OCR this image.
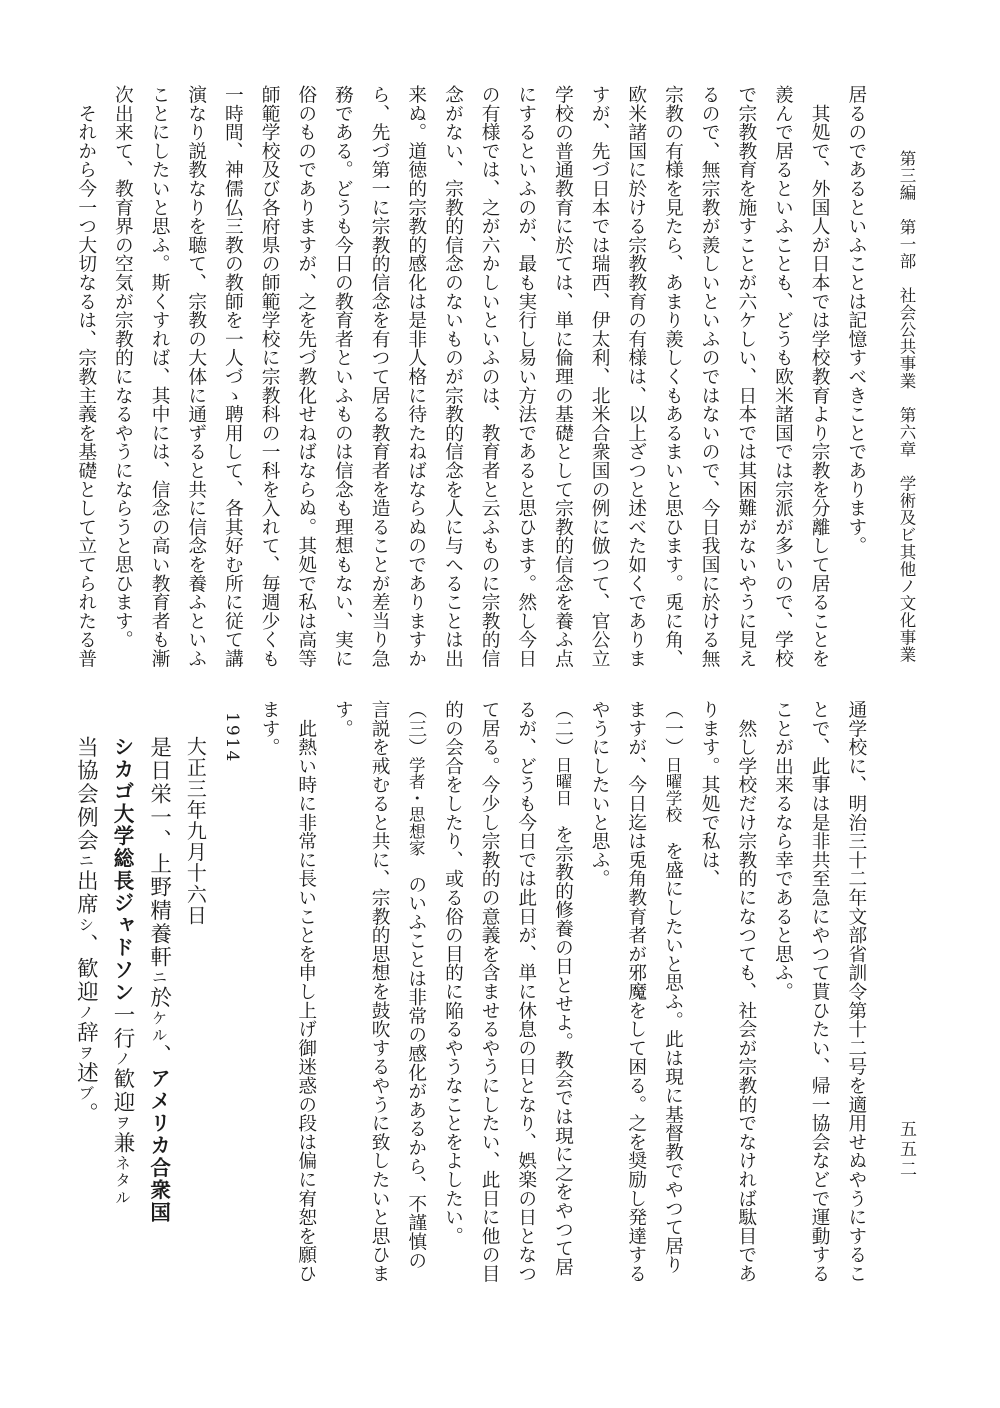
第三編　第一部　社会公共事業　第六章　学術及ビ其他ノ文化事業
五五二
居るのであるといふことは記憶すべきことであります。
　其処で、外国人が日本では学校教育より宗教を分離して居ることを
羨んで居るといふことも、どうも欧米諸国では宗派が多いので、学校
で宗教教育を施すことが六ケしい、日本では其困難がないやうに見え
るので、無宗教が羨しいといふのではないので、今日我国に於ける無
宗教の有様を見たら、あまり羨しくもあるまいと思ひます。兎に角、
欧米諸国に於ける宗教教育の有様は、以上ざつと述べた如くでありま
すが、先づ日本では瑞西、伊太利、北米合衆国の例に倣つて、官公立
学校の普通教育に於ては、単に倫理の基礎として宗教的信念を養ふ点
にするといふのが、最も実行し易い方法であると思ひます。然し今日
の有様では、之が六かしいといふのは、教育者と云ふものに宗教的信
念がない、宗教的信念のないものが宗教的信念を人に与へることは出
来ぬ。道徳的宗教的感化は是非人格に待たねばならぬのでありますか
ら、先づ第一に宗教的信念を有つて居る教育者を造ることが差当り急
務である。どうも今日の教育者といふものは信念も理想もない、実に
俗のものでありますが、之を先づ教化せねばならぬ。其処で私は高等
師範学校及び各府県の師範学校に宗教科の一科を入れて、毎週少くも
一時間、神儒仏三教の教師を一人づゝ聘用して、各其好む所に従て講
演なり説教なりを聴て、宗教の大体に通ずると共に信念を養ふといふ
ことにしたいと思ふ。斯くすれば、其中には、信念の高い教育者も漸
次出来て、教育界の空気が宗教的になるやうにならうと思ひます。
　それから今一つ大切なるは、宗教主義を基礎として立てられたる普
通学校に、明治三十二年文部省訓令第十二号を適用せぬやうにするこ
とで、此事は是非共至急にやつて貰ひたい、帰一協会などで運動する
ことが出来るなら幸であると思ふ。
　然し学校だけ宗教的になつても、社会が宗教的でなければ駄目であ
ります。其処で私は、
（一）日曜学校　を盛にしたいと思ふ。此は現に基督教でやつて居り
ますが、今日迄は兎角教育者が邪魔をして困る。之を奨励し発達する
やうにしたいと思ふ。
（二）日曜日　を宗教的修養の日とせよ。教会では現に之をやつて居
るが、どうも今日では此日が、単に休息の日となり、娯楽の日となつ
て居る。今少し宗教的の意義を含ませるやうにしたい、此日に他の目
的の会合をしたり、或る俗の目的に陥るやうなことをよしたい。
（三）学者・思想家　のいふことは非常の感化があるから、不謹慎の
言説を戒むると共に、宗教的思想を鼓吹するやうに致したいと思ひま
す。
　此熱い時に非常に長いことを申し上げ御迷惑の段は偏に宥恕を願ひ
ます。
1914
大正三年九月十六日
是日栄一、上野精養軒ニ於ケル、アメリカ合衆国
シカゴ大学総長ジャドソン一行ノ歓迎ヲ兼ネタル
当協会例会ニ出席シ、歓迎ノ辞ヲ述ブ。
